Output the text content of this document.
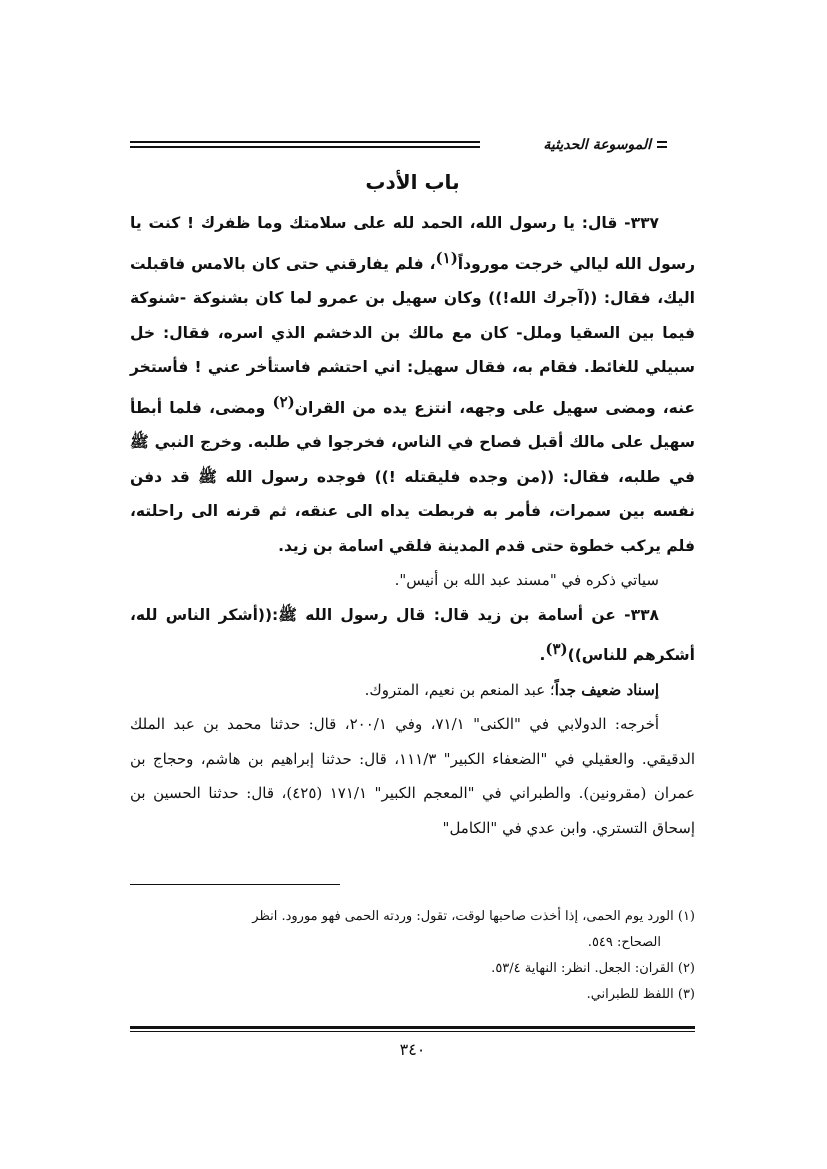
الموسوعة الحديثية
باب الأدب

٣٣٧- قال: يا رسول الله، الحمد لله على سلامتك وما ظفرك ! كنت يا رسول الله ليالي خرجت موروداً$^{(١)}$، فلم يفارقني حتى كان بالامس فاقبلت اليك، فقال: ((آجرك الله!)) وكان سهيل بن عمرو لما كان بشنوكة -شنوكة فيما بين السقيا وملل- كان مع مالك بن الدخشم الذي اسره، فقال: خل سبيلي للغائط. فقام به، فقال سهيل: اني احتشم فاستأخر عني ! فأستخر عنه، ومضى سهيل على وجهه، انتزع يده من القران$^{(٢)}$ ومضى، فلما أبطأ سهيل على مالك أقبل فصاح في الناس، فخرجوا في طلبه. وخرج النبي ﷺ في طلبه، فقال: ((من وجده فليقتله !)) فوجده رسول الله ﷺ قد دفن نفسه بين سمرات، فأمر به فربطت يداه الى عنقه، ثم قرنه الى راحلته، فلم يركب خطوة حتى قدم المدينة فلقي اسامة بن زيد.

سياتي ذكره في "مسند عبد الله بن أنيس".

٣٣٨- عن أسامة بن زيد قال: قال رسول الله ﷺ:((أشكر الناس لله، أشكرهم للناس))$^{(٣)}$.

إسناد ضعيف جداً؛ عبد المنعم بن نعيم، المتروك.

أخرجه: الدولابي في "الكنى" ٧١/١، وفي ٢٠٠/١، قال: حدثنا محمد بن عبد الملك الدقيقي. والعقيلي في "الضعفاء الكبير" ١١١/٣، قال: حدثنا إبراهيم بن هاشم، وحجاج بن عمران (مقرونين). والطبراني في "المعجم الكبير" ١٧١/١ (٤٢٥)، قال: حدثنا الحسين بن إسحاق التستري. وابن عدي في "الكامل"

(١) الورد يوم الحمى، إذا أخذت صاحبها لوقت، تقول: وردته الحمى فهو مورود. انظر

الصحاح: ٥٤٩.

(٢) القران: الجعل. انظر: النهاية ٥٣/٤.

(٣) اللفظ للطبراني.

٣٤٠
